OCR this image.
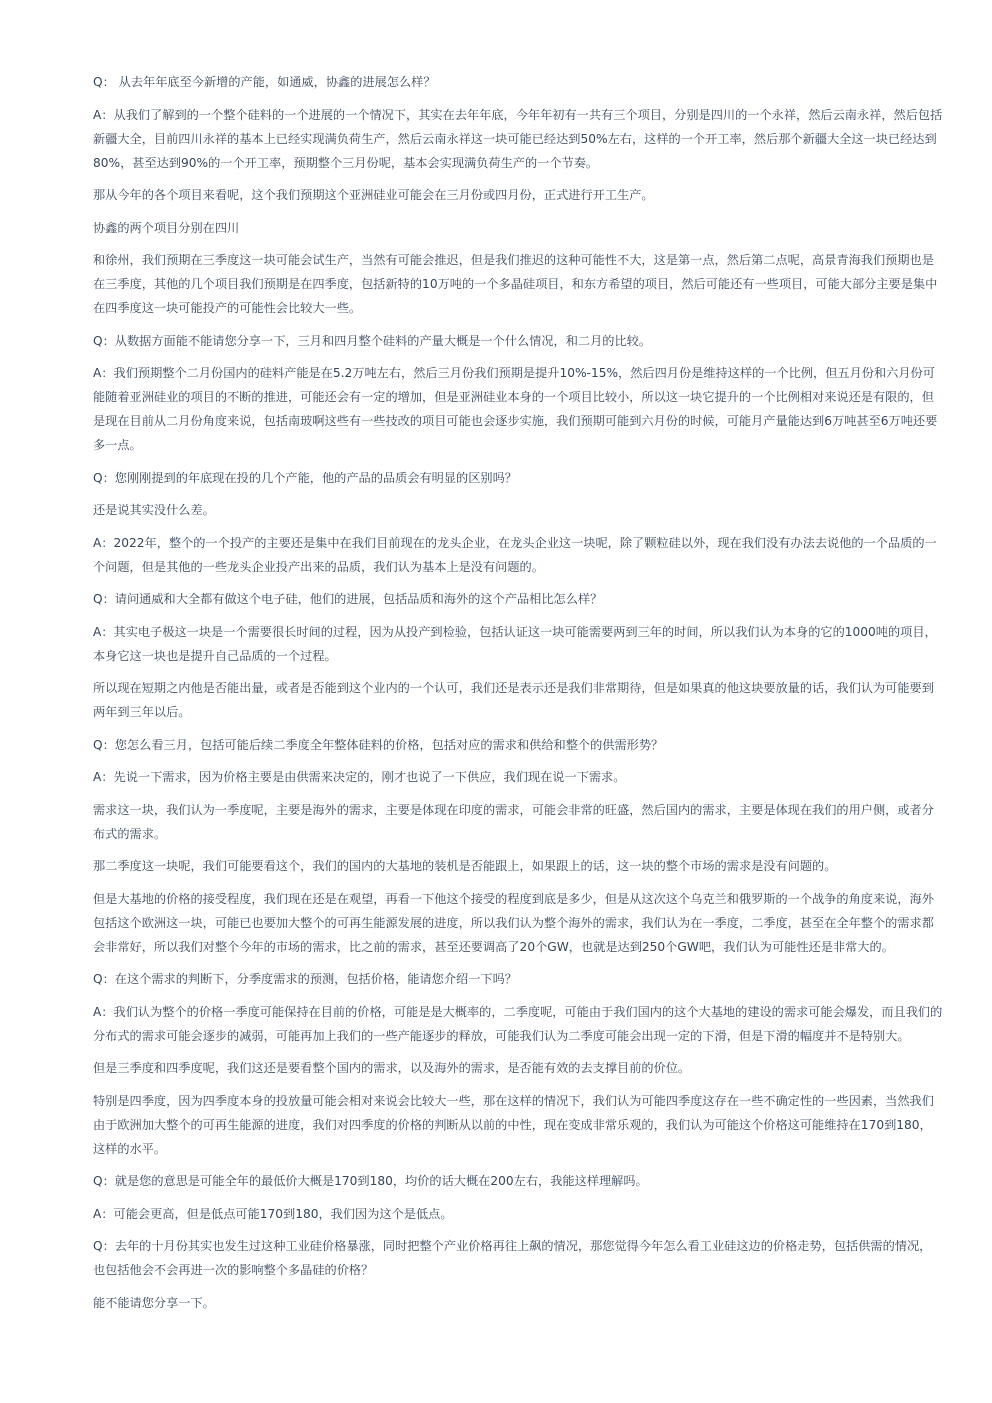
Q： 从去年年底至今新增的产能，如通威，协鑫的进展怎么样？

A：从我们了解到的一个整个硅料的一个进展的一个情况下，其实在去年年底，今年年初有一共有三个项目，分别是四川的一个永祥，然后云南永祥，然后包括新疆大全，目前四川永祥的基本上已经实现满负荷生产，然后云南永祥这一块可能已经达到50%左右，这样的一个开工率，然后那个新疆大全这一块已经达到80%，甚至达到90%的一个开工率，预期整个三月份呢，基本会实现满负荷生产的一个节奏。

那从今年的各个项目来看呢，这个我们预期这个亚洲硅业可能会在三月份或四月份，正式进行开工生产。

协鑫的两个项目分别在四川

和徐州，我们预期在三季度这一块可能会试生产，当然有可能会推迟，但是我们推迟的这种可能性不大，这是第一点，然后第二点呢，高景青海我们预期也是在三季度，其他的几个项目我们预期是在四季度，包括新特的10万吨的一个多晶硅项目，和东方希望的项目，然后可能还有一些项目，可能大部分主要是集中在四季度这一块可能投产的可能性会比较大一些。

Q：从数据方面能不能请您分享一下，三月和四月整个硅料的产量大概是一个什么情况，和二月的比较。

A：我们预期整个二月份国内的硅料产能是在5.2万吨左右，然后三月份我们预期是提升10%-15%，然后四月份是维持这样的一个比例，但五月份和六月份可能随着亚洲硅业的项目的不断的推进，可能还会有一定的增加，但是亚洲硅业本身的一个项目比较小，所以这一块它提升的一个比例相对来说还是有限的，但是现在目前从二月份角度来说，包括南玻啊这些有一些技改的项目可能也会逐步实施，我们预期可能到六月份的时候，可能月产量能达到6万吨甚至6万吨还要多一点。

Q：您刚刚提到的年底现在投的几个产能，他的产品的品质会有明显的区别吗？

还是说其实没什么差。

A：2022年，整个的一个投产的主要还是集中在我们目前现在的龙头企业，在龙头企业这一块呢，除了颗粒硅以外，现在我们没有办法去说他的一个品质的一个问题，但是其他的一些龙头企业投产出来的品质，我们认为基本上是没有问题的。

Q：请问通威和大全都有做这个电子硅，他们的进展，包括品质和海外的这个产品相比怎么样？

A：其实电子极这一块是一个需要很长时间的过程，因为从投产到检验，包括认证这一块可能需要两到三年的时间，所以我们认为本身的它的1000吨的项目，本身它这一块也是提升自己品质的一个过程。

所以现在短期之内他是否能出量，或者是否能到这个业内的一个认可，我们还是表示还是我们非常期待，但是如果真的他这块要放量的话，我们认为可能要到两年到三年以后。

Q：您怎么看三月，包括可能后续二季度全年整体硅料的价格，包括对应的需求和供给和整个的供需形势？

A：先说一下需求，因为价格主要是由供需来决定的，刚才也说了一下供应，我们现在说一下需求。

需求这一块，我们认为一季度呢，主要是海外的需求，主要是体现在印度的需求，可能会非常的旺盛，然后国内的需求，主要是体现在我们的用户侧，或者分布式的需求。

那二季度这一块呢，我们可能要看这个，我们的国内的大基地的装机是否能跟上，如果跟上的话，这一块的整个市场的需求是没有问题的。

但是大基地的价格的接受程度，我们现在还是在观望，再看一下他这个接受的程度到底是多少，但是从这次这个乌克兰和俄罗斯的一个战争的角度来说，海外包括这个欧洲这一块，可能已也要加大整个的可再生能源发展的进度，所以我们认为整个海外的需求，我们认为在一季度，二季度，甚至在全年整个的需求都会非常好，所以我们对整个今年的市场的需求，比之前的需求，甚至还要调高了20个GW，也就是达到250个GW吧，我们认为可能性还是非常大的。

Q：在这个需求的判断下，分季度需求的预测，包括价格，能请您介绍一下吗？

A：我们认为整个的价格一季度可能保持在目前的价格，可能是是大概率的，二季度呢，可能由于我们国内的这个大基地的建设的需求可能会爆发，而且我们的分布式的需求可能会逐步的减弱，可能再加上我们的一些产能逐步的释放，可能我们认为二季度可能会出现一定的下滑，但是下滑的幅度并不是特别大。

但是三季度和四季度呢，我们这还是要看整个国内的需求，以及海外的需求，是否能有效的去支撑目前的价位。

特别是四季度，因为四季度本身的投放量可能会相对来说会比较大一些，那在这样的情况下，我们认为可能四季度这存在一些不确定性的一些因素，当然我们由于欧洲加大整个的可再生能源的进度，我们对四季度的价格的判断从以前的中性，现在变成非常乐观的，我们认为可能这个价格这可能维持在170到180，这样的水平。

Q：就是您的意思是可能全年的最低价大概是170到180，均价的话大概在200左右，我能这样理解吗。

A：可能会更高，但是低点可能170到180，我们因为这个是低点。

Q：去年的十月份其实也发生过这种工业硅价格暴涨，同时把整个产业价格再往上飙的情况，那您觉得今年怎么看工业硅这边的价格走势，包括供需的情况，也包括他会不会再进一次的影响整个多晶硅的价格？

能不能请您分享一下。
